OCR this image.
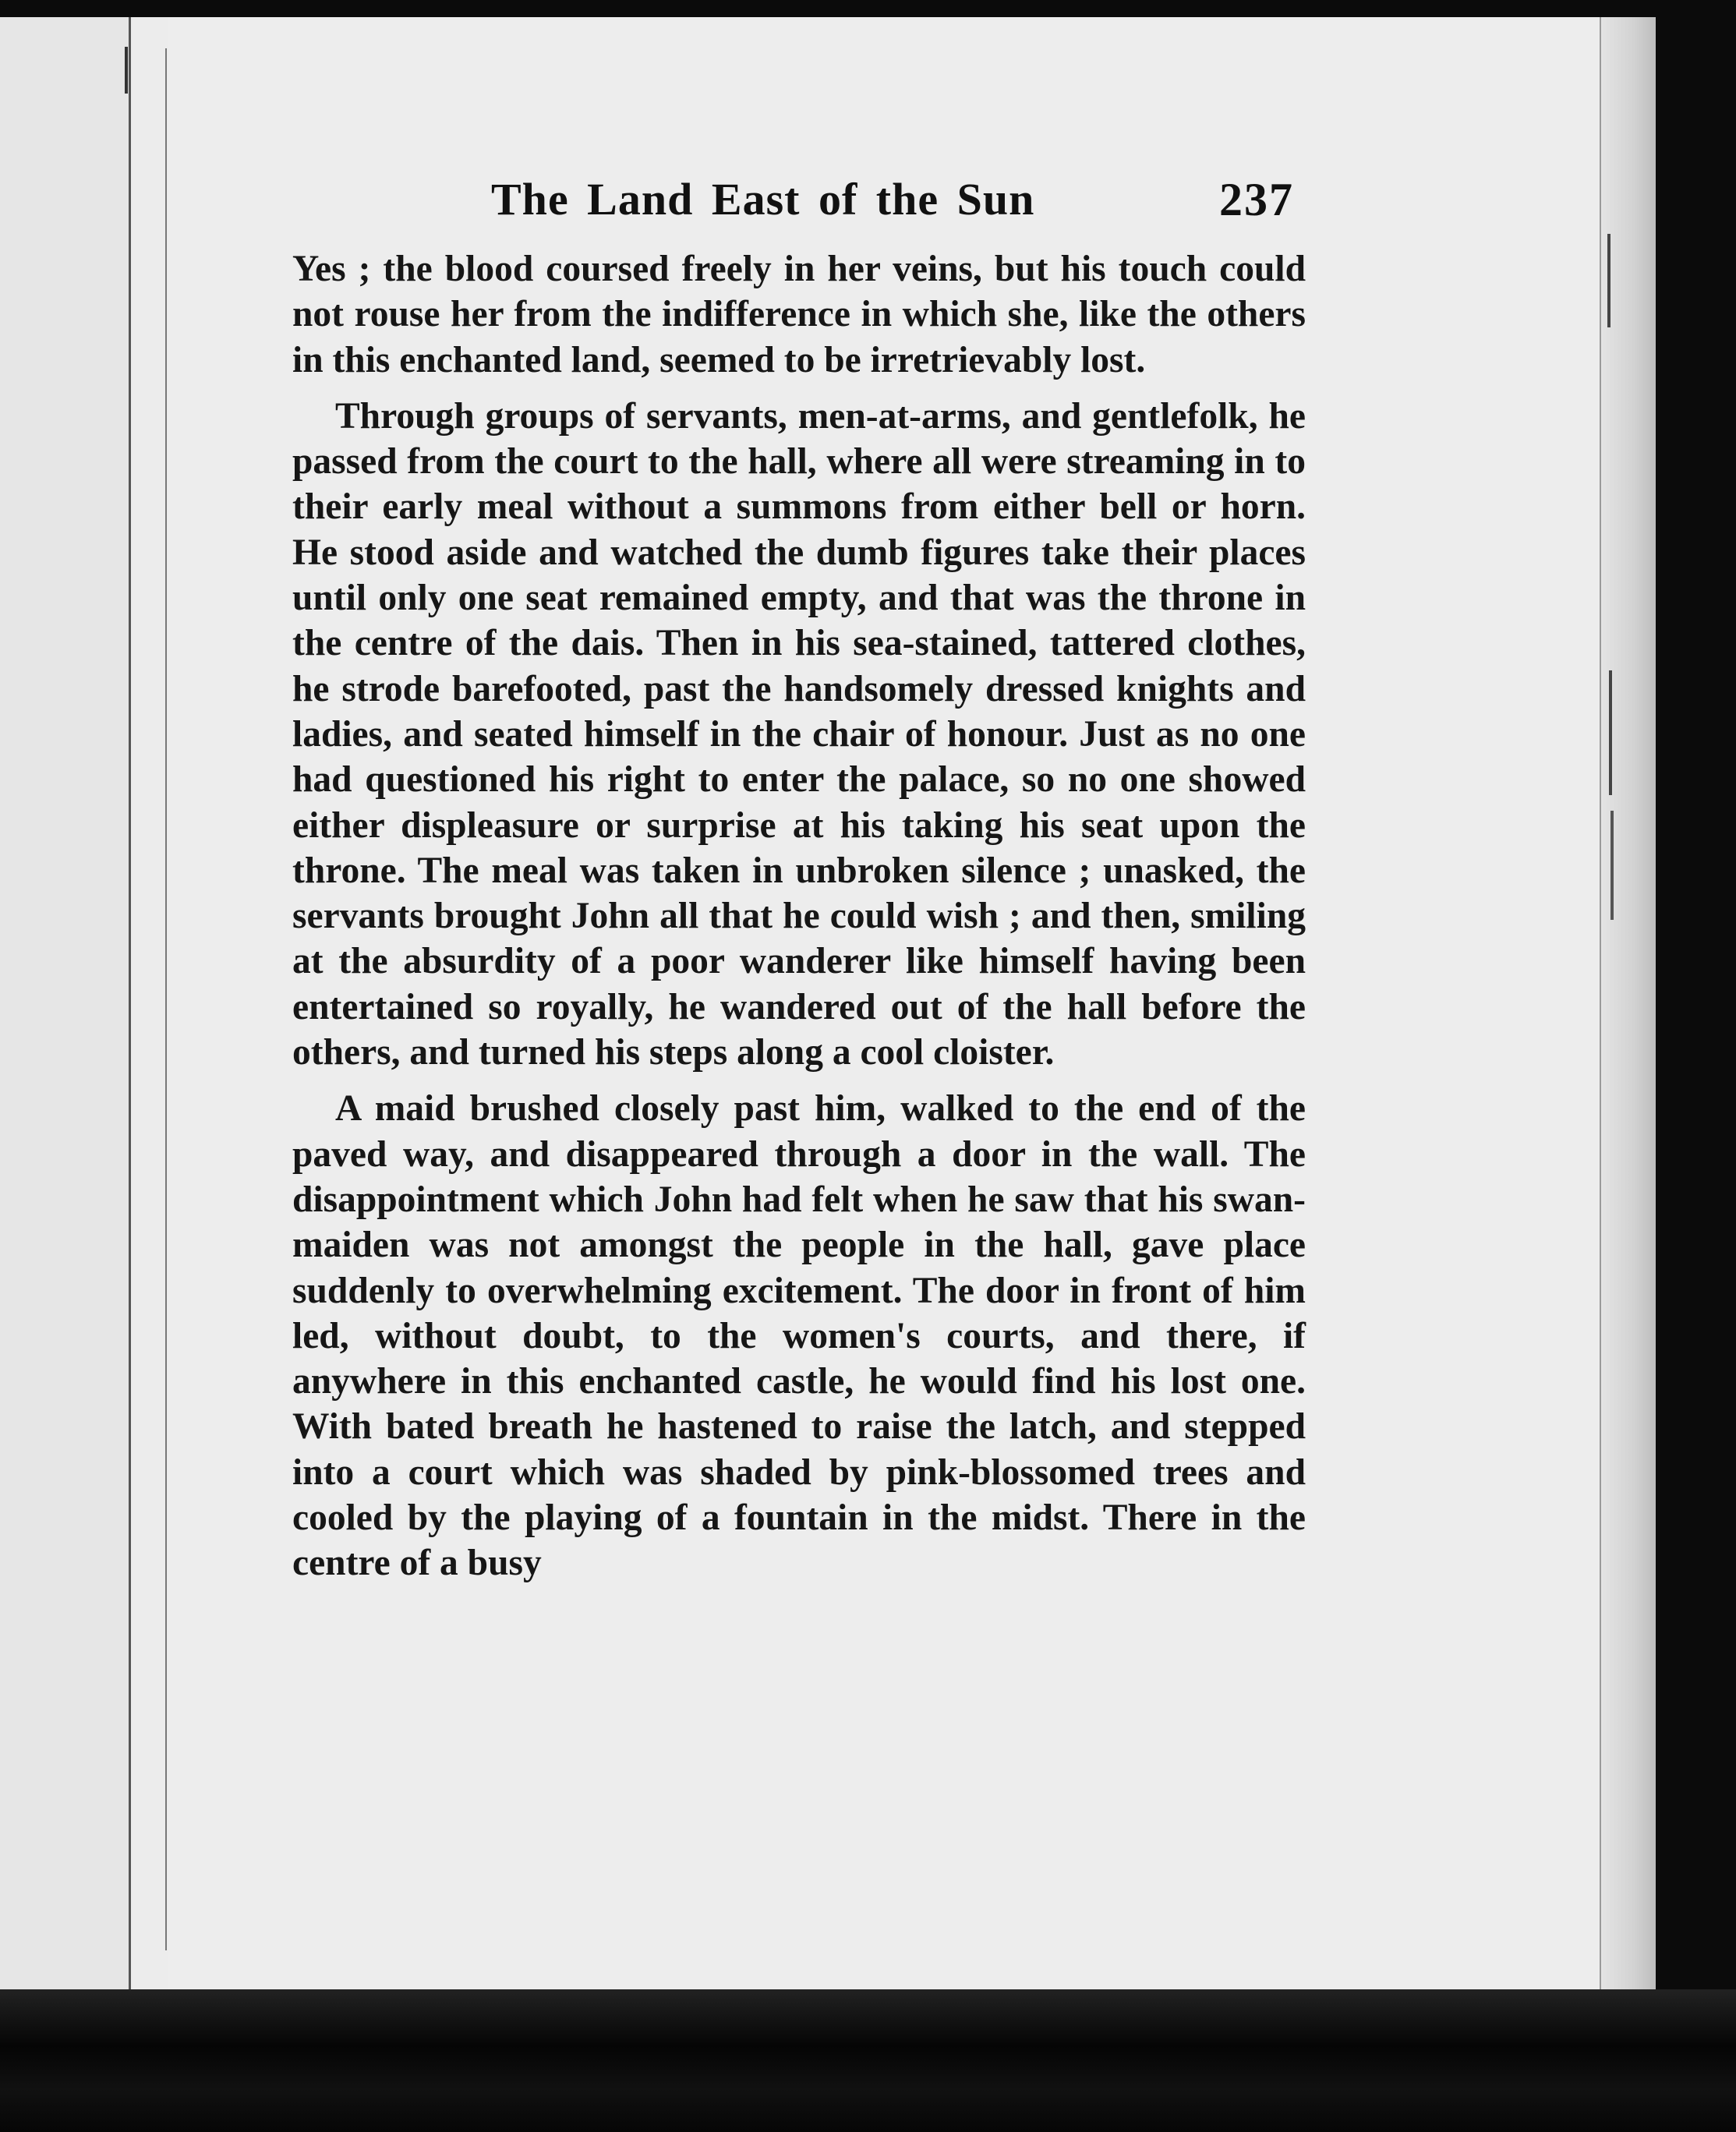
The Land East of the Sun	237

Yes ; the blood coursed freely in her veins, but his touch could not rouse her from the indifference in which she, like the others in this enchanted land, seemed to be irretrievably lost.

Through groups of servants, men-at-arms, and gentlefolk, he passed from the court to the hall, where all were streaming in to their early meal without a summons from either bell or horn. He stood aside and watched the dumb figures take their places until only one seat remained empty, and that was the throne in the centre of the dais. Then in his sea-stained, tattered clothes, he strode barefooted, past the handsomely dressed knights and ladies, and seated himself in the chair of honour. Just as no one had questioned his right to enter the palace, so no one showed either displeasure or surprise at his taking his seat upon the throne. The meal was taken in unbroken silence ; unasked, the servants brought John all that he could wish ; and then, smiling at the absurdity of a poor wanderer like himself having been entertained so royally, he wandered out of the hall before the others, and turned his steps along a cool cloister.

A maid brushed closely past him, walked to the end of the paved way, and disappeared through a door in the wall. The disappointment which John had felt when he saw that his swan-maiden was not amongst the people in the hall, gave place suddenly to overwhelming excitement. The door in front of him led, without doubt, to the women's courts, and there, if anywhere in this enchanted castle, he would find his lost one. With bated breath he hastened to raise the latch, and stepped into a court which was shaded by pink-blossomed trees and cooled by the playing of a fountain in the midst. There in the centre of a busy
